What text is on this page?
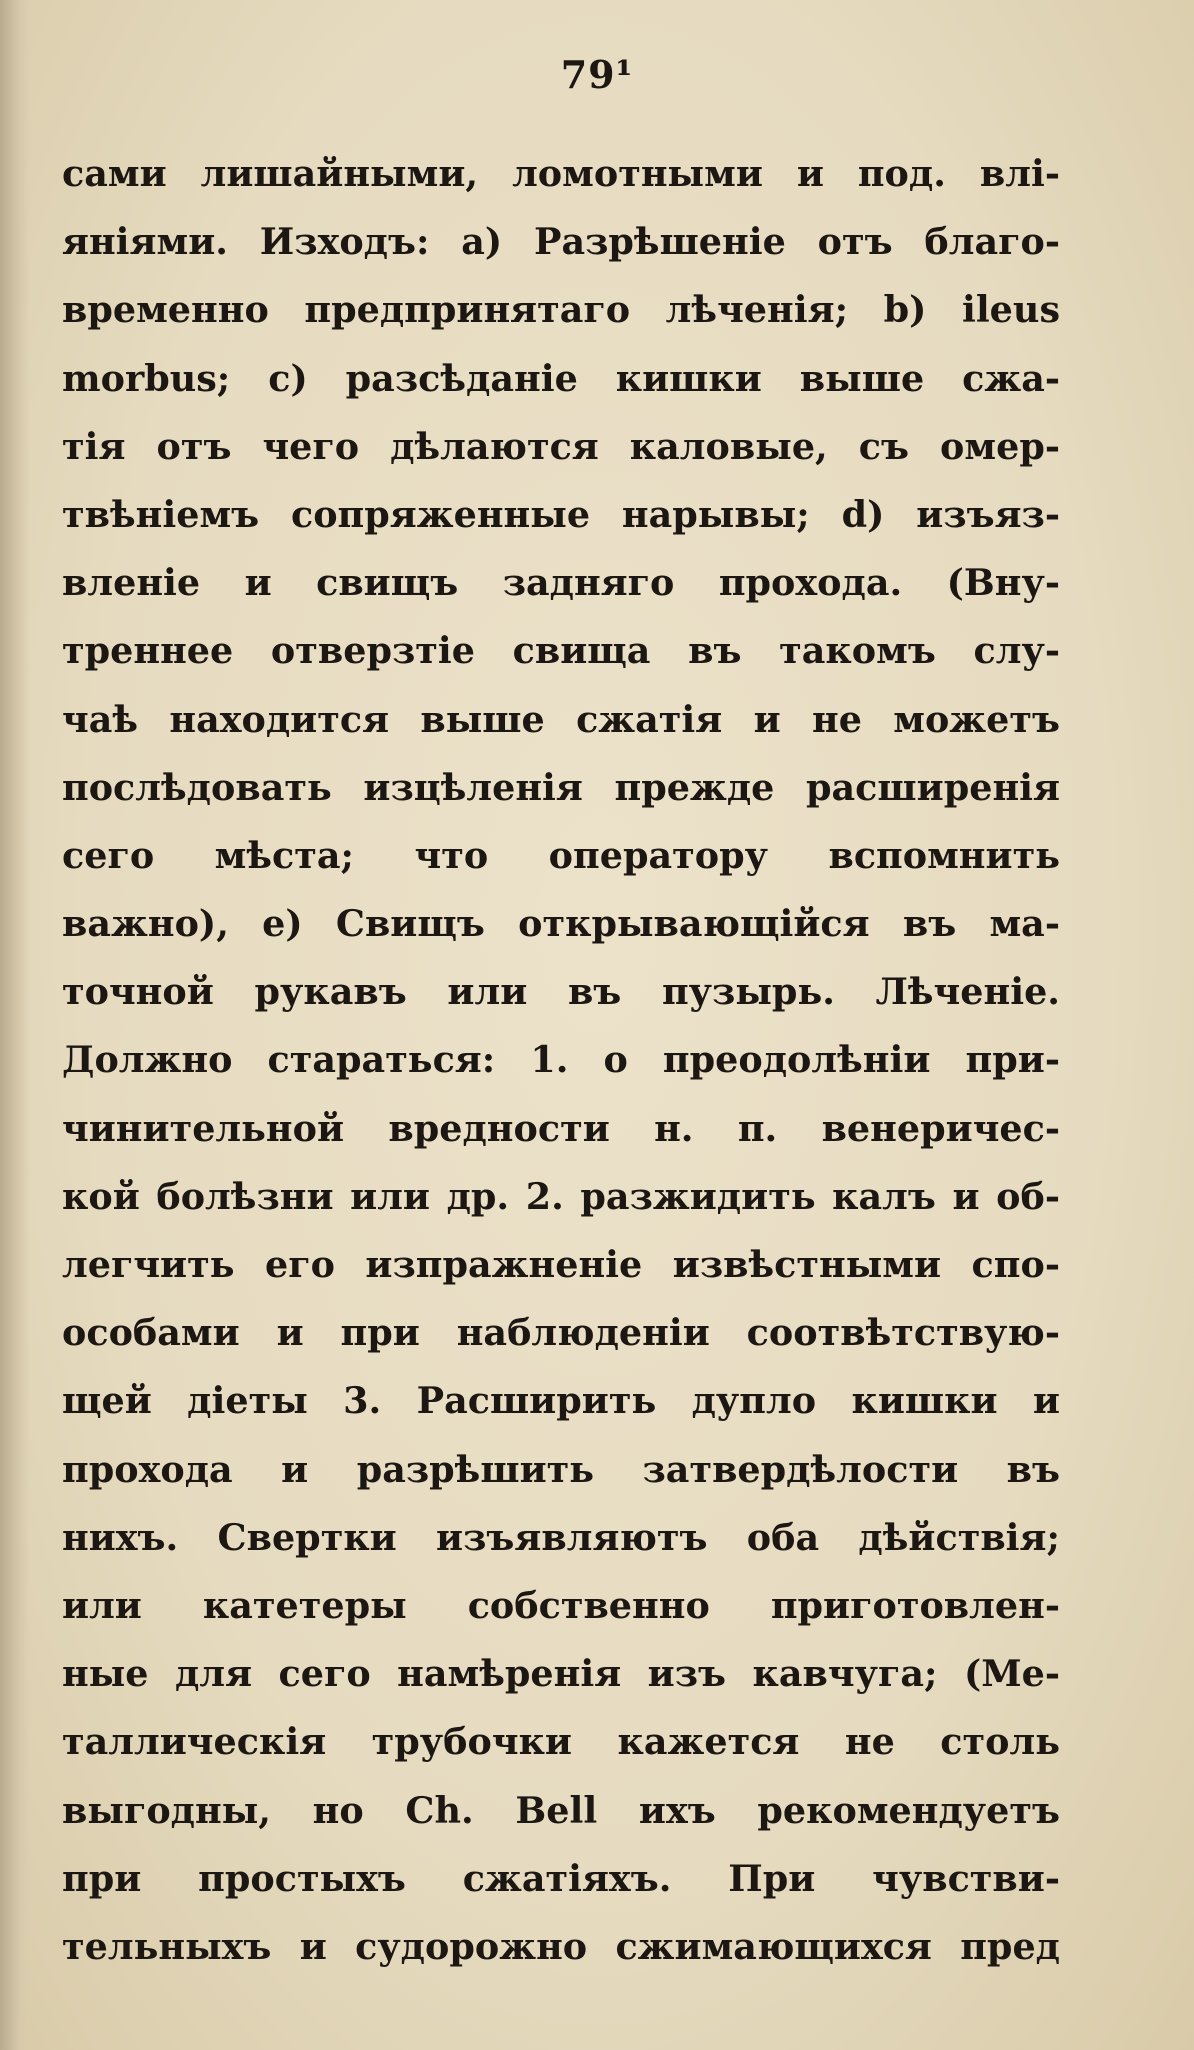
79¹
сами лишайными, ломотными и под. влі-
яніями. Изходъ: а) Разрѣшеніе отъ благо-
временно предпринятаго лѣченія; b) ileus
morbus; с) разсѣданіе кишки выше сжа-
тія отъ чего дѣлаются каловые, съ омер-
твѣніемъ сопряженные нарывы; d) изъяз-
вленіе и свищъ задняго прохода. (Вну-
треннее отверзтіе свища въ такомъ слу-
чаѣ находится выше сжатія и не можетъ
послѣдовать изцѣленія прежде расширенія
сего мѣста; что оператору вспомнить
важно), е) Свищъ открывающійся въ ма-
точной рукавъ или въ пузырь. Лѣченіе.
Должно стараться: 1. о преодолѣніи при-
чинительной вредности н. п. венеричес-
кой болѣзни или др. 2. разжидить калъ и об-
легчить его изпражненіе извѣстными спо-
особами и при наблюденіи соотвѣтствую-
щей діеты 3. Расширить дупло кишки и
прохода и разрѣшить затвердѣлости въ
нихъ. Свертки изъявляютъ оба дѣйствія;
или катетеры собственно приготовлен-
ные для сего намѣренія изъ кавчуга; (Ме-
таллическія трубочки кажется не столь
выгодны, но Ch. Bell ихъ рекомендуетъ
при простыхъ сжатіяхъ. При чувстви-
тельныхъ и судорожно сжимающихся пред
